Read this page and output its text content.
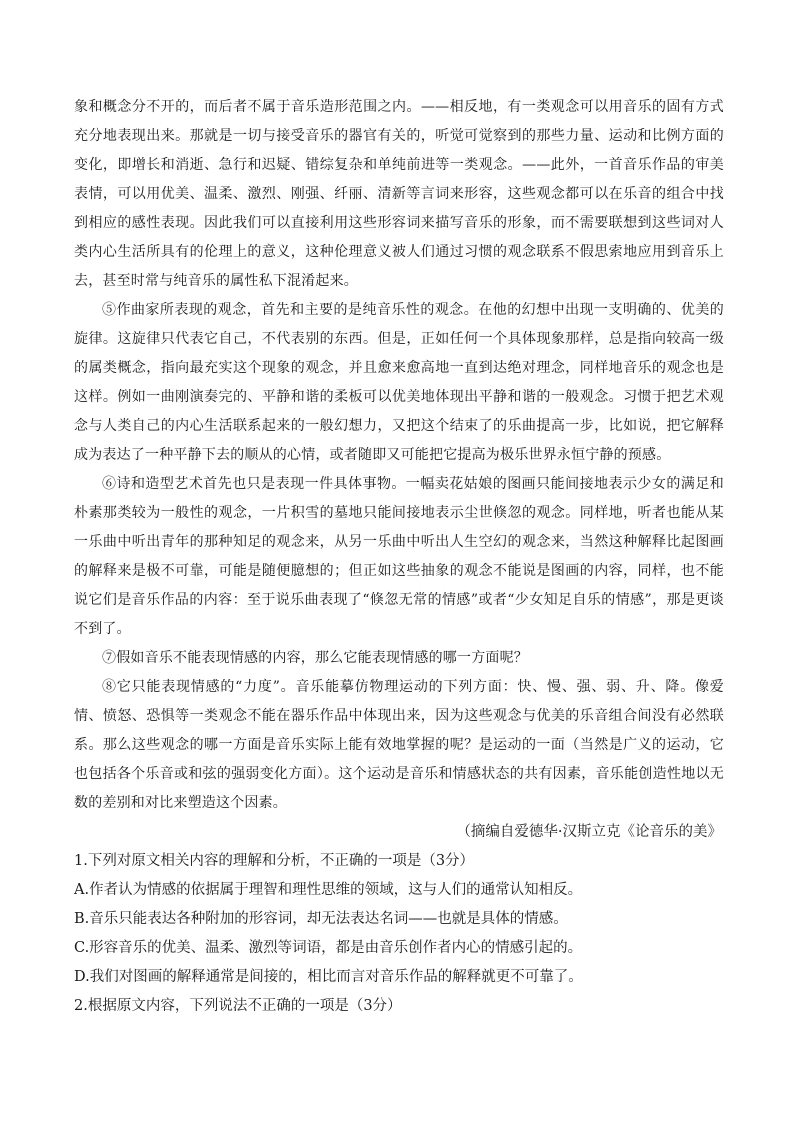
象和概念分不开的，而后者不属于音乐造形范围之内。——相反地，有一类观念可以用音乐的固有方式充分地表现出来。那就是一切与接受音乐的器官有关的，听觉可觉察到的那些力量、运动和比例方面的变化，即增长和消逝、急行和迟疑、错综复杂和单纯前进等一类观念。——此外，一首音乐作品的审美表情，可以用优美、温柔、激烈、刚强、纤丽、清新等言词来形容，这些观念都可以在乐音的组合中找到相应的感性表现。因此我们可以直接利用这些形容词来描写音乐的形象，而不需要联想到这些词对人类内心生活所具有的伦理上的意义，这种伦理意义被人们通过习惯的观念联系不假思索地应用到音乐上去，甚至时常与纯音乐的属性私下混淆起来。

⑤作曲家所表现的观念，首先和主要的是纯音乐性的观念。在他的幻想中出现一支明确的、优美的旋律。这旋律只代表它自己，不代表别的东西。但是，正如任何一个具体现象那样，总是指向较高一级的属类概念，指向最充实这个现象的观念，并且愈来愈高地一直到达绝对理念，同样地音乐的观念也是这样。例如一曲刚演奏完的、平静和谐的柔板可以优美地体现出平静和谐的一般观念。习惯于把艺术观念与人类自己的内心生活联系起来的一般幻想力，又把这个结束了的乐曲提高一步，比如说，把它解释成为表达了一种平静下去的顺从的心情，或者随即又可能把它提高为极乐世界永恒宁静的预感。

⑥诗和造型艺术首先也只是表现一件具体事物。一幅卖花姑娘的图画只能间接地表示少女的满足和朴素那类较为一般性的观念，一片积雪的墓地只能间接地表示尘世倏忽的观念。同样地，听者也能从某一乐曲中听出青年的那种知足的观念来，从另一乐曲中听出人生空幻的观念来，当然这种解释比起图画的解释来是极不可靠，可能是随便臆想的；但正如这些抽象的观念不能说是图画的内容，同样，也不能说它们是音乐作品的内容：至于说乐曲表现了“倏忽无常的情感”或者“少女知足自乐的情感”，那是更谈不到了。

⑦假如音乐不能表现情感的内容，那么它能表现情感的哪一方面呢？

⑧它只能表现情感的“力度”。音乐能摹仿物理运动的下列方面：快、慢、强、弱、升、降。像爱情、愤怒、恐惧等一类观念不能在器乐作品中体现出来，因为这些观念与优美的乐音组合间没有必然联系。那么这些观念的哪一方面是音乐实际上能有效地掌握的呢？是运动的一面（当然是广义的运动，它也包括各个乐音或和弦的强弱变化方面）。这个运动是音乐和情感状态的共有因素，音乐能创造性地以无数的差别和对比来塑造这个因素。

（摘编自爱德华·汉斯立克《论音乐的美》

1.下列对原文相关内容的理解和分析，不正确的一项是（3分）

A.作者认为情感的依据属于理智和理性思维的领域，这与人们的通常认知相反。

B.音乐只能表达各种附加的形容词，却无法表达名词——也就是具体的情感。

C.形容音乐的优美、温柔、激烈等词语，都是由音乐创作者内心的情感引起的。

D.我们对图画的解释通常是间接的，相比而言对音乐作品的解释就更不可靠了。

2.根据原文内容，下列说法不正确的一项是（3分）
